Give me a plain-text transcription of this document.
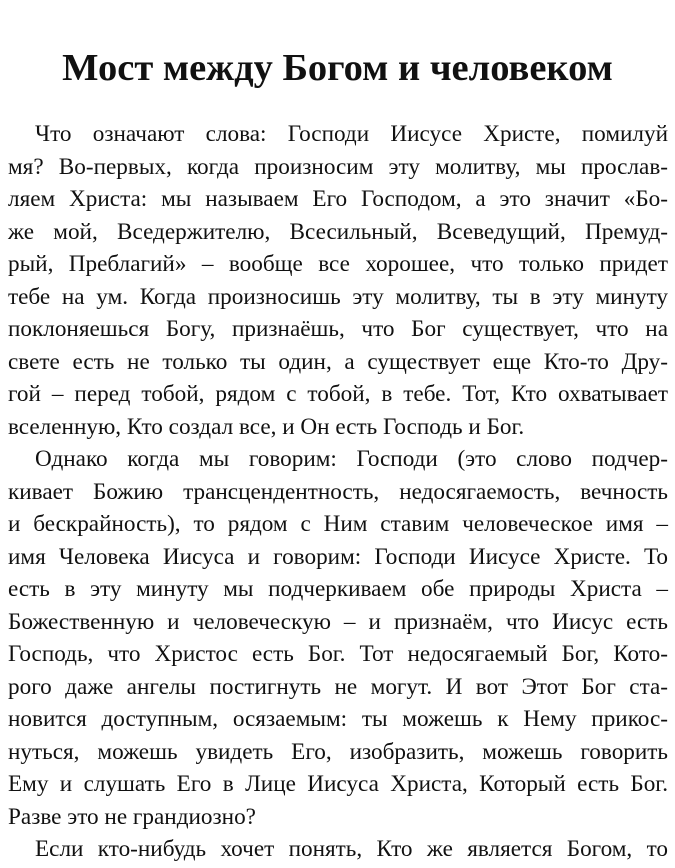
Мост между Богом и человеком
Что означают слова: Господи Иисусе Христе, помилуй
мя? Во-первых, когда произносим эту молитву, мы прослав-
ляем Христа: мы называем Его Господом, а это значит «Бо-
же мой, Вседержителю, Всесильный, Всеведущий, Премуд-
рый, Преблагий» – вообще все хорошее, что только придет
тебе на ум. Когда произносишь эту молитву, ты в эту минуту
поклоняешься Богу, признаёшь, что Бог существует, что на
свете есть не только ты один, а существует еще Кто-то Дру-
гой – перед тобой, рядом с тобой, в тебе. Тот, Кто охватывает
вселенную, Кто создал все, и Он есть Господь и Бог.
Однако когда мы говорим: Господи (это слово подчер-
кивает Божию трансцендентность, недосягаемость, вечность
и бескрайность), то рядом с Ним ставим человеческое имя –
имя Человека Иисуса и говорим: Господи Иисусе Христе. То
есть в эту минуту мы подчеркиваем обе природы Христа –
Божественную и человеческую – и признаём, что Иисус есть
Господь, что Христос есть Бог. Тот недосягаемый Бог, Кото-
рого даже ангелы постигнуть не могут. И вот Этот Бог ста-
новится доступным, осязаемым: ты можешь к Нему прикос-
нуться, можешь увидеть Его, изобразить, можешь говорить
Ему и слушать Его в Лице Иисуса Христа, Который есть Бог.
Разве это не грандиозно?
Если кто-нибудь хочет понять, Кто же является Богом, то
